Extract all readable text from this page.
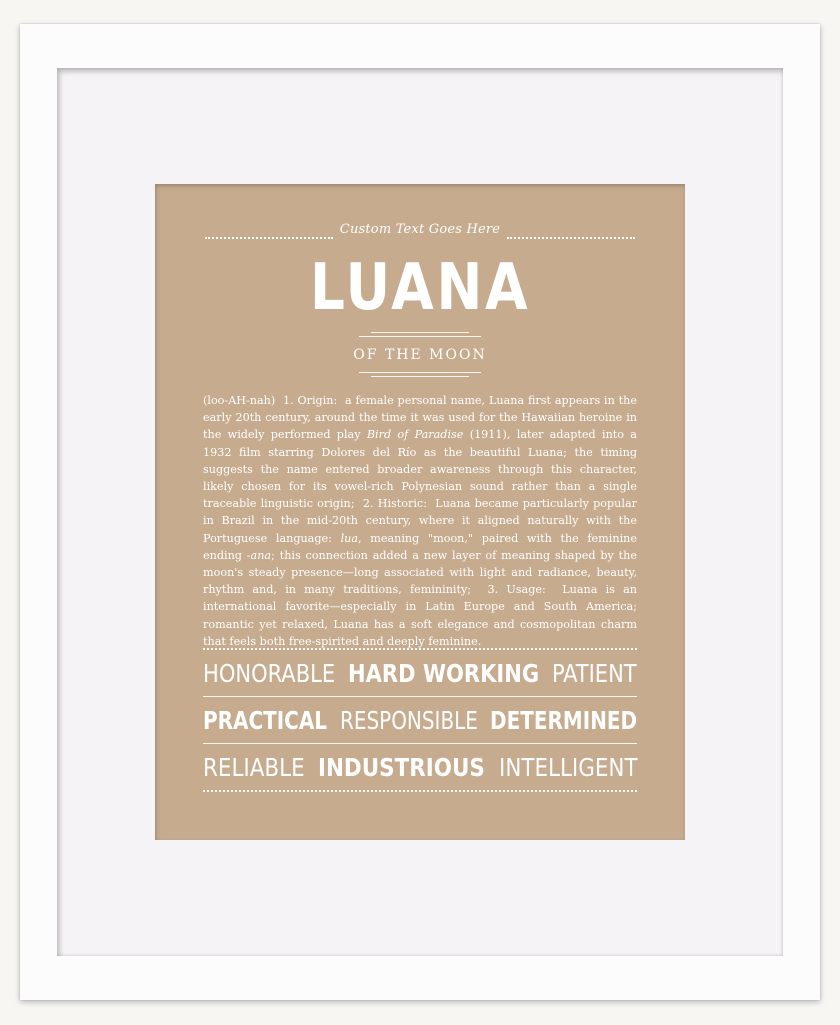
Custom Text Goes Here
LUANA
OF THE MOON
(loo-AH-nah) 1. Origin: a female personal name, Luana first appears in the early 20th century, around the time it was used for the Hawaiian heroine in the widely performed play Bird of Paradise (1911), later adapted into a 1932 film starring Dolores del Río as the beautiful Luana; the timing suggests the name entered broader awareness through this character, likely chosen for its vowel-rich Polynesian sound rather than a single traceable linguistic origin; 2. Historic: Luana became particularly popular in Brazil in the mid-20th century, where it aligned naturally with the Portuguese language: lua, meaning "moon," paired with the feminine ending -ana; this connection added a new layer of meaning shaped by the moon's steady presence—long associated with light and radiance, beauty, rhythm and, in many traditions, femininity; 3. Usage: Luana is an international favorite—especially in Latin Europe and South America; romantic yet relaxed, Luana has a soft elegance and cosmopolitan charm that feels both free-spirited and deeply feminine.
HONORABLE HARD WORKING PATIENT
PRACTICAL RESPONSIBLE DETERMINED
RELIABLE INDUSTRIOUS INTELLIGENT
